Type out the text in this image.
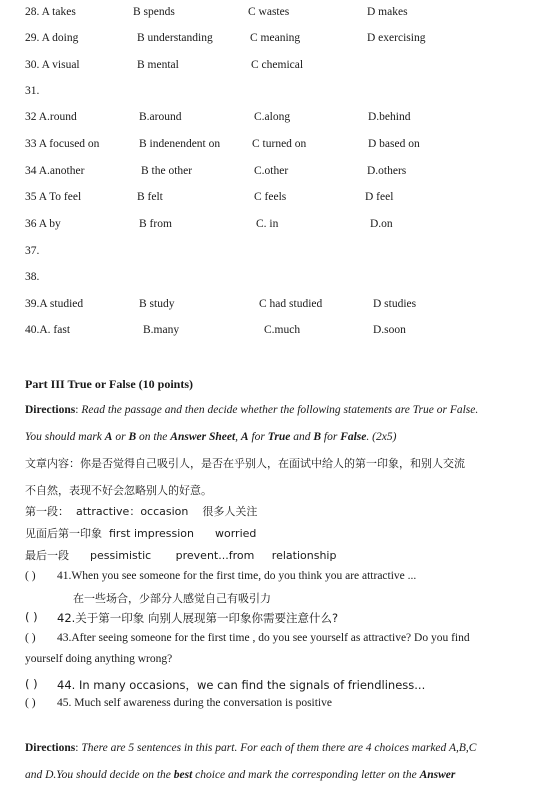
28. A takes	B spends	C wastes	D makes
29. A doing	B understanding	C meaning	D exercising
30. A visual	B mental	C chemical
31.
32 A.round	B.around	C.along	D.behind
33 A focused on	B indenendent on	C turned on	D based on
34 A.another	B the other	C.other	D.others
35 A To feel	B felt	C feels	D feel
36 A by	B from	C. in	D.on
37.
38.
39.A studied	B study	C had studied	D studies
40.A. fast	B.many	C.much	D.soon
Part III True or False (10 points)
Directions: Read the passage and then decide whether the following statements are True or False.
You should mark A or B on the Answer Sheet, A for True and B for False. (2x5)
文章内容：你是否觉得自己吸引人，是否在乎别人，在面试中给人的第一印象，和别人交流
不自然，表现不好会忽略别人的好意。
第一段：  attractive：occasion    很多人关注
见面后第一印象  first impression      worried
最后一段      pessimistic       prevent...from     relationship
( ) 41.When you see someone for the first time, do you think you are attractive ...
( ) 42.关于第一印象 向别人展现第一印象你需要注意什么?
( ) 43.After seeing someone for the first time , do you see yourself as attractive? Do you find
( ) 44. In many occasions，we can find the signals of friendliness...
( ) 45. Much self awareness during the conversation is positive
在一些场合，少部分人感觉自己有吸引力
yourself doing anything wrong?
Directions: There are 5 sentences in this part. For each of them there are 4 choices marked A,B,C
and D.You should decide on the best choice and mark the corresponding letter on the Answer
